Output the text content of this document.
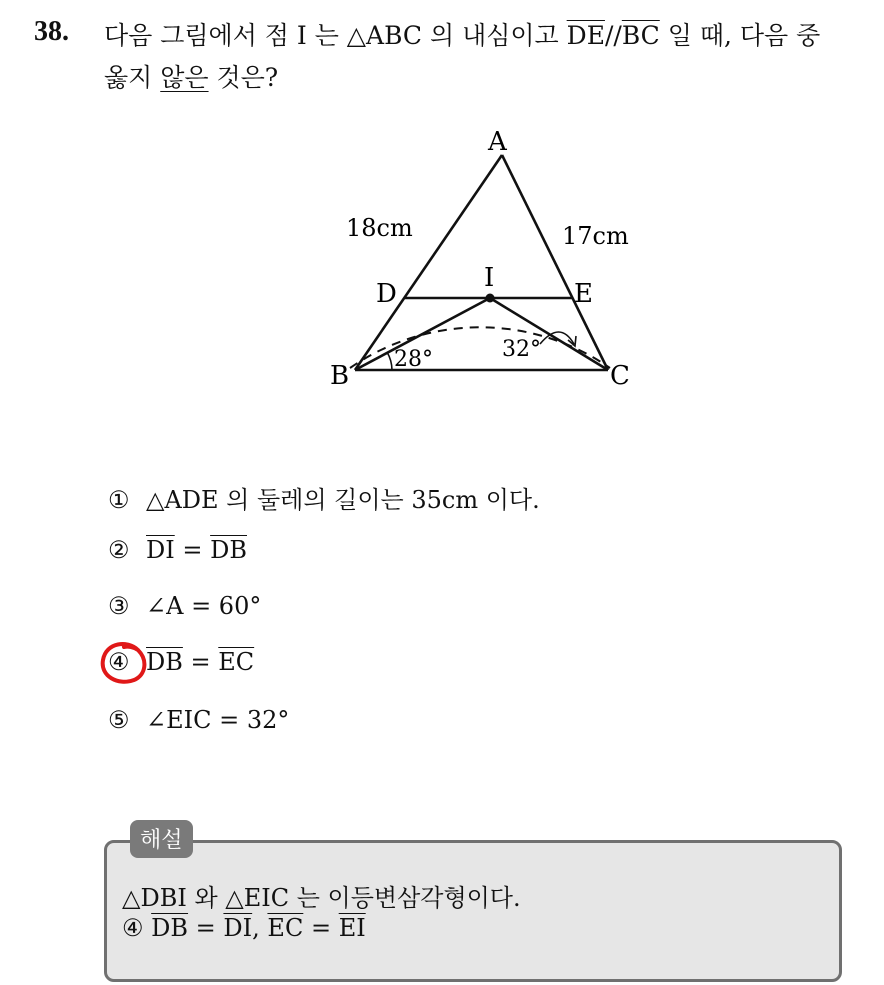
38. 다음 그림에서 점 I 는 △ABC 의 내심이고 $\overline{DE}//\overline{BC}$ 일 때, 다음 중
옳지 않은 것은?
A
B	C
D	E
I
18cm	17cm
28°	32°
① △ADE 의 둘레의 길이는 35cm 이다.
② $\overline{DI} = \overline{DB}$
③ ∠A = 60°
④ $\overline{DB} = \overline{EC}$
⑤ ∠EIC = 32°
해설
△DBI 와 △EIC 는 이등변삼각형이다.
④ $\overline{DB} = \overline{DI}$, $\overline{EC} = \overline{EI}$
